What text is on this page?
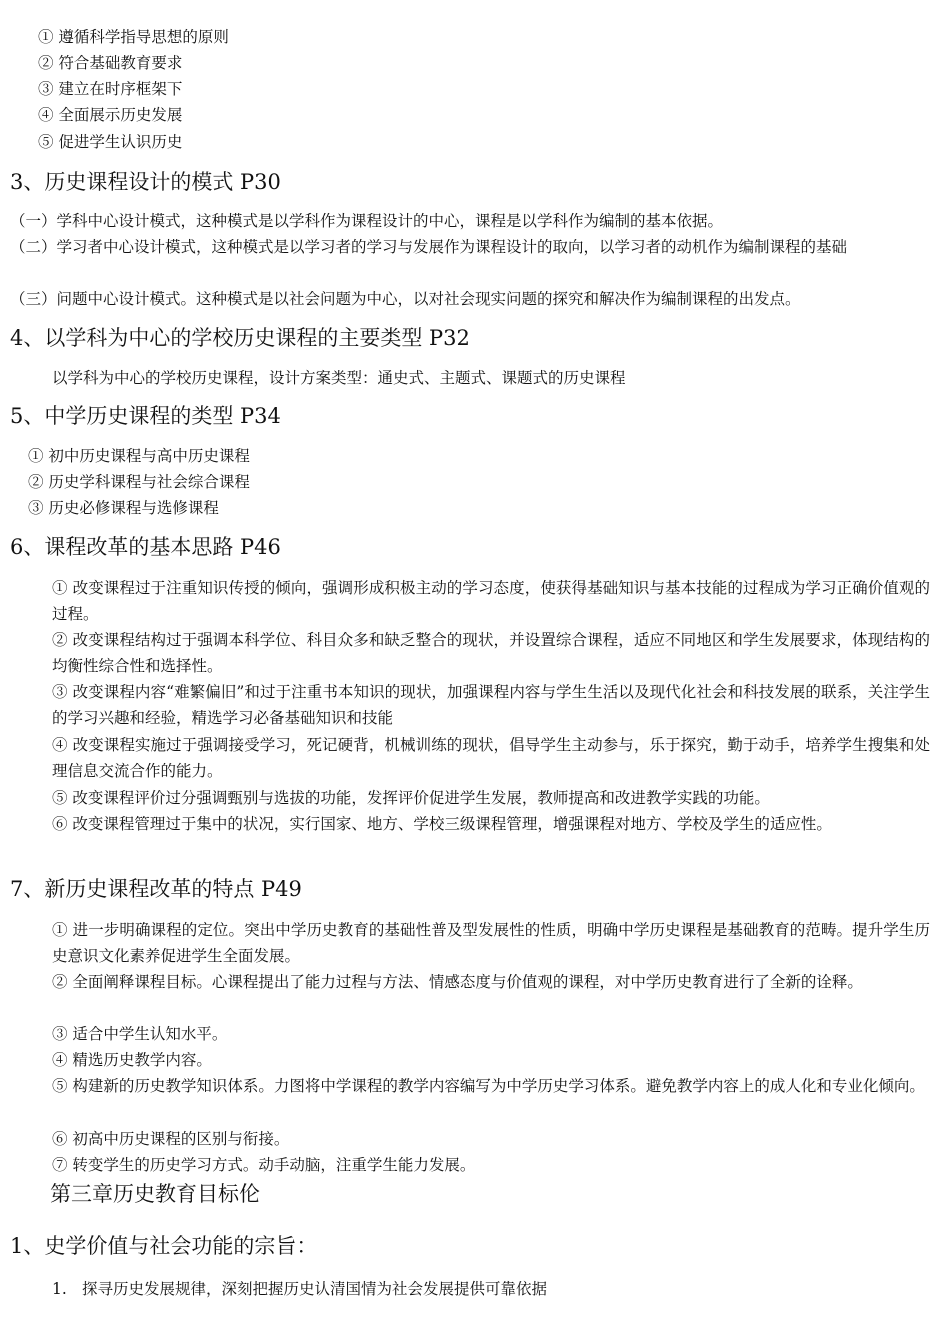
① 遵循科学指导思想的原则
② 符合基础教育要求
③ 建立在时序框架下
④ 全面展示历史发展
⑤ 促进学生认识历史
3、历史课程设计的模式 P30
（一）学科中心设计模式，这种模式是以学科作为课程设计的中心，课程是以学科作为编制的基本依据。
（二）学习者中心设计模式，这种模式是以学习者的学习与发展作为课程设计的取向，以学习者的动机作为编制课程的基础
（三）问题中心设计模式。这种模式是以社会问题为中心，以对社会现实问题的探究和解决作为编制课程的出发点。
4、以学科为中心的学校历史课程的主要类型 P32
以学科为中心的学校历史课程，设计方案类型：通史式、主题式、课题式的历史课程
5、中学历史课程的类型 P34
① 初中历史课程与高中历史课程
② 历史学科课程与社会综合课程
③ 历史必修课程与选修课程
6、课程改革的基本思路 P46
① 改变课程过于注重知识传授的倾向，强调形成积极主动的学习态度，使获得基础知识与基本技能的过程成为学习正确价值观的过程。
② 改变课程结构过于强调本科学位、科目众多和缺乏整合的现状，并设置综合课程，适应不同地区和学生发展要求，体现结构的均衡性综合性和选择性。
③ 改变课程内容“难繁偏旧”和过于注重书本知识的现状，加强课程内容与学生生活以及现代化社会和科技发展的联系，关注学生的学习兴趣和经验，精选学习必备基础知识和技能
④ 改变课程实施过于强调接受学习，死记硬背，机械训练的现状，倡导学生主动参与，乐于探究，勤于动手，培养学生搜集和处理信息交流合作的能力。
⑤ 改变课程评价过分强调甄别与选拔的功能，发挥评价促进学生发展，教师提高和改进教学实践的功能。
⑥ 改变课程管理过于集中的状况，实行国家、地方、学校三级课程管理，增强课程对地方、学校及学生的适应性。
7、新历史课程改革的特点 P49
① 进一步明确课程的定位。突出中学历史教育的基础性普及型发展性的性质，明确中学历史课程是基础教育的范畴。提升学生历史意识文化素养促进学生全面发展。
② 全面阐释课程目标。心课程提出了能力过程与方法、情感态度与价值观的课程，对中学历史教育进行了全新的诠释。
③ 适合中学生认知水平。
④ 精选历史教学内容。
⑤ 构建新的历史教学知识体系。力图将中学课程的教学内容编写为中学历史学习体系。避免教学内容上的成人化和专业化倾向。
⑥ 初高中历史课程的区别与衔接。
⑦ 转变学生的历史学习方式。动手动脑，注重学生能力发展。
第三章历史教育目标伦
1、史学价值与社会功能的宗旨：
1. 探寻历史发展规律，深刻把握历史认清国情为社会发展提供可靠依据
